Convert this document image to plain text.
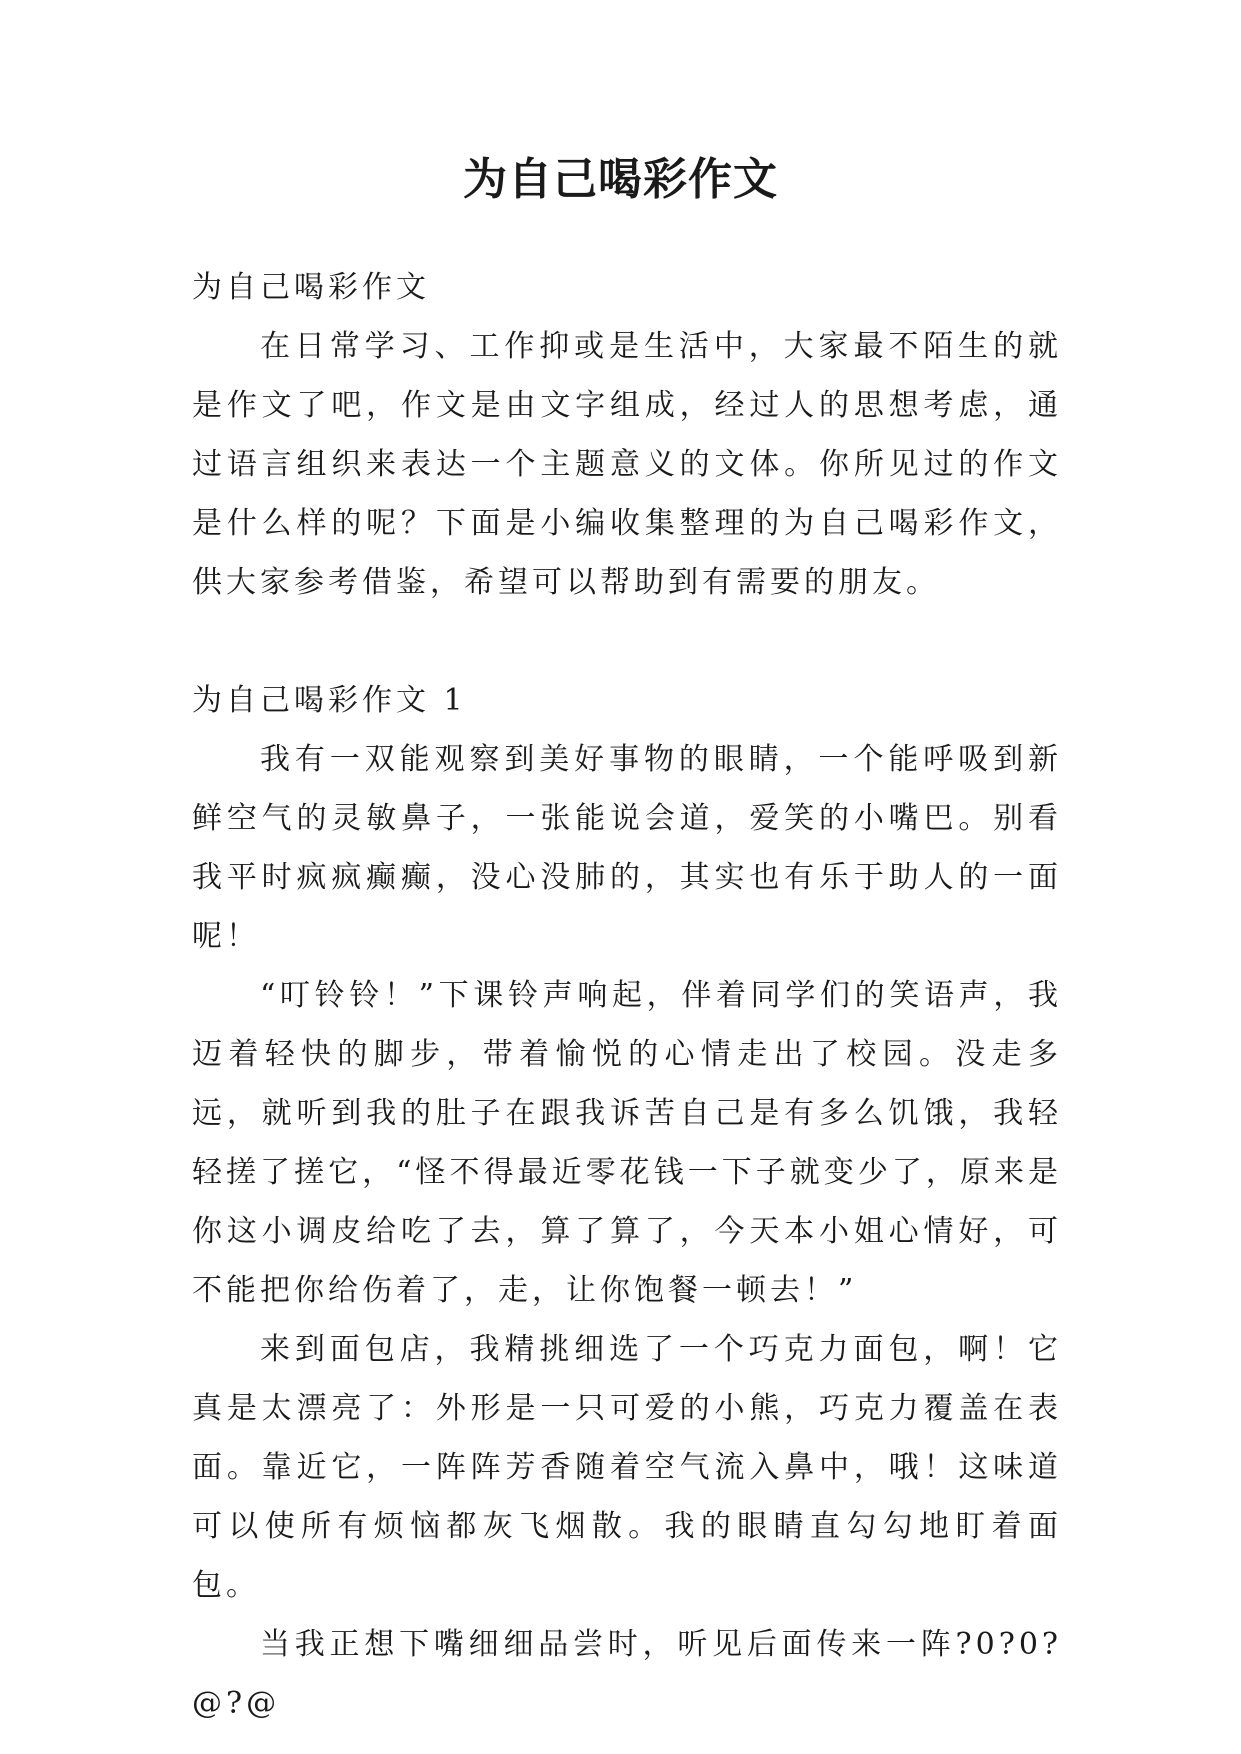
为自己喝彩作文

为自己喝彩作文

在日常学习、工作抑或是生活中，大家最不陌生的就是作文了吧，作文是由文字组成，经过人的思想考虑，通过语言组织来表达一个主题意义的文体。你所见过的作文是什么样的呢？下面是小编收集整理的为自己喝彩作文，供大家参考借鉴，希望可以帮助到有需要的朋友。

为自己喝彩作文 1

我有一双能观察到美好事物的眼睛，一个能呼吸到新鲜空气的灵敏鼻子，一张能说会道，爱笑的小嘴巴。别看我平时疯疯癫癫，没心没肺的，其实也有乐于助人的一面呢！

“叮铃铃！”下课铃声响起，伴着同学们的笑语声，我迈着轻快的脚步，带着愉悦的心情走出了校园。没走多远，就听到我的肚子在跟我诉苦自己是有多么饥饿，我轻轻搓了搓它，“怪不得最近零花钱一下子就变少了，原来是你这小调皮给吃了去，算了算了，今天本小姐心情好，可不能把你给伤着了，走，让你饱餐一顿去！”

来到面包店，我精挑细选了一个巧克力面包，啊！它真是太漂亮了：外形是一只可爱的小熊，巧克力覆盖在表面。靠近它，一阵阵芳香随着空气流入鼻中，哦！这味道可以使所有烦恼都灰飞烟散。我的眼睛直勾勾地盯着面包。

当我正想下嘴细细品尝时，听见后面传来一阵?0?0?@?@
